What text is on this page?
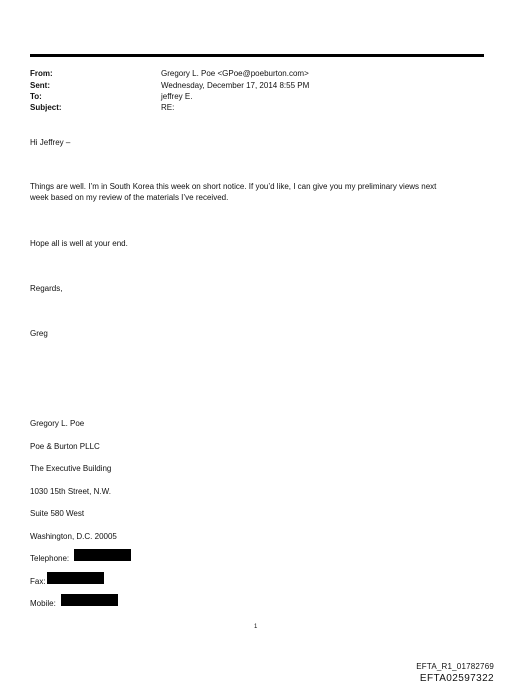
From:	Gregory L. Poe <GPoe@poeburton.com>
Sent:	Wednesday, December 17, 2014 8:55 PM
To:	jeffrey E.
Subject:	RE:
Hi Jeffrey –
Things are well. I’m in South Korea this week on short notice. If you’d like, I can give you my preliminary views next
week based on my review of the materials I’ve received.
Hope all is well at your end.
Regards,
Greg
Gregory L. Poe
Poe & Burton PLLC
The Executive Building
1030 15th Street, N.W.
Suite 580 West
Washington, D.C. 20005
Telephone:
Fax:
Mobile:
1
EFTA_R1_01782769
EFTA02597322
